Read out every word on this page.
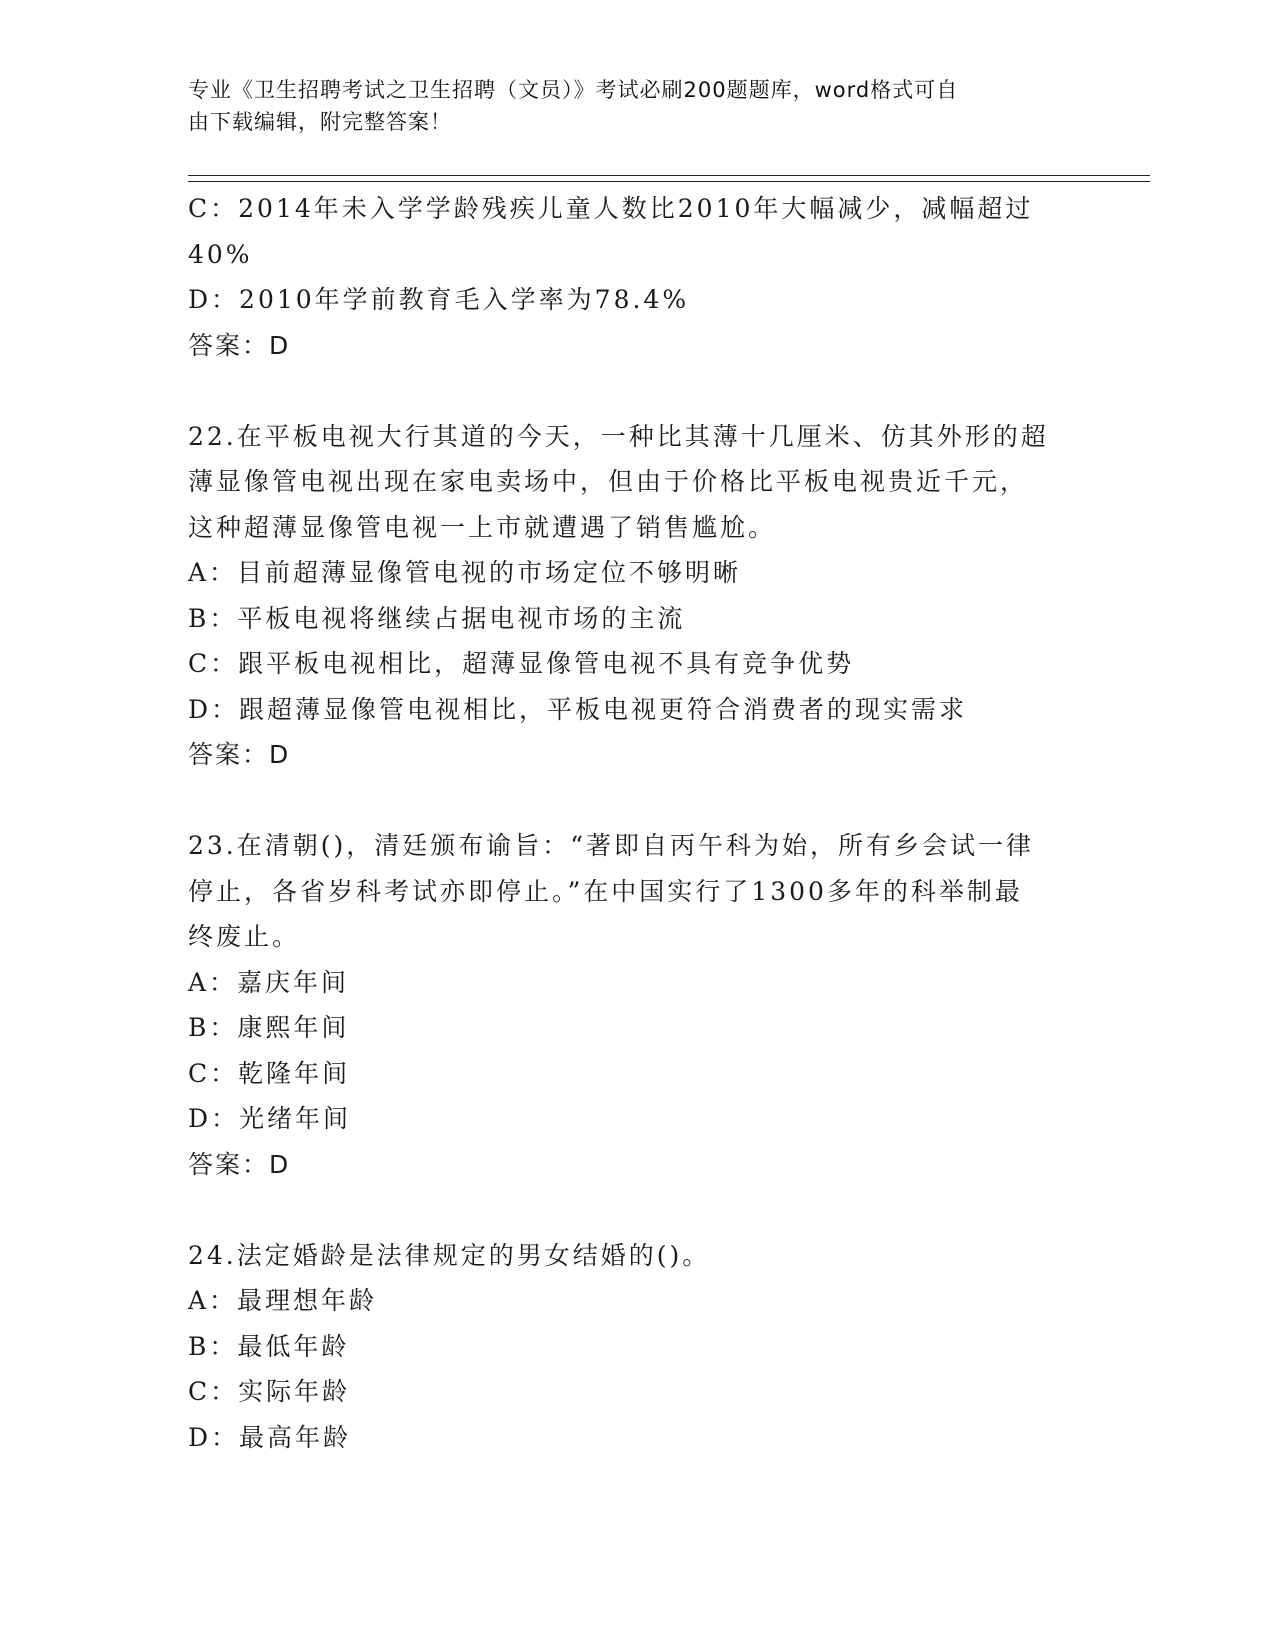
专业《卫生招聘考试之卫生招聘（文员）》考试必刷200题题库，word格式可自
由下载编辑，附完整答案！
C：2014年未入学学龄残疾儿童人数比2010年大幅减少，减幅超过
40%
D：2010年学前教育毛入学率为78.4%
答案：D
22.在平板电视大行其道的今天，一种比其薄十几厘米、仿其外形的超
薄显像管电视出现在家电卖场中，但由于价格比平板电视贵近千元，
这种超薄显像管电视一上市就遭遇了销售尴尬。
A：目前超薄显像管电视的市场定位不够明晰
B：平板电视将继续占据电视市场的主流
C：跟平板电视相比，超薄显像管电视不具有竞争优势
D：跟超薄显像管电视相比，平板电视更符合消费者的现实需求
答案：D
23.在清朝()，清廷颁布谕旨：“著即自丙午科为始，所有乡会试一律
停止，各省岁科考试亦即停止。”在中国实行了1300多年的科举制最
终废止。
A：嘉庆年间
B：康熙年间
C：乾隆年间
D：光绪年间
答案：D
24.法定婚龄是法律规定的男女结婚的()。
A：最理想年龄
B：最低年龄
C：实际年龄
D：最高年龄
